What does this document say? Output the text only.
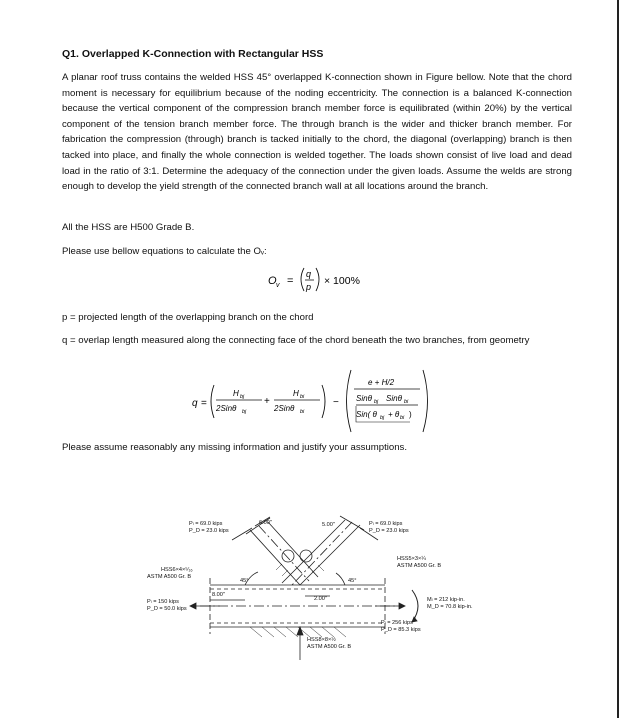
Q1. Overlapped K-Connection with Rectangular HSS
A planar roof truss contains the welded HSS 45° overlapped K-connection shown in Figure bellow. Note that the chord moment is necessary for equilibrium because of the noding eccentricity. The connection is a balanced K-connection because the vertical component of the compression branch member force is equilibrated (within 20%) by the vertical component of the tension branch member force. The through branch is the wider and thicker branch member. For fabrication the compression (through) branch is tacked initially to the chord, the diagonal (overlapping) branch is then tacked into place, and finally the whole connection is welded together. The loads shown consist of live load and dead load in the ratio of 3:1. Determine the adequacy of the connection under the given loads. Assume the welds are strong enough to develop the yield strength of the connected branch wall at all locations around the branch.
All the HSS are H500 Grade B.
Please use bellow equations to calculate the Oᵥ:
O v =
q
p × 100%
q =
H bj
2Sinθ bj
+
H bi
2Sinθ bi
−
e + H/2
Sinθ bj Sinθ bi
Sin( θ bj + θ bi )
Pₗ = 69.0 kips
P_D = 23.0 kips
6.00"	5.00"	Pₗ = 69.0 kips
P_D = 23.0 kips
HSS5×3×¼
ASTM A500 Gr. B
HSS6×4×⁵⁄₁₆
ASTM A500 Gr. B
45°	45°
8.00"
2.00"
Pₗ = 150 kips
P_D = 50.0 kips
Mₗ = 212 kip-in.
M_D = 70.8 kip-in.
Pₗ = 256 kips
P_D = 85.3 kips
HSS8×8×½
ASTM A500 Gr. B
p = projected length of the overlapping branch on the chord
q = overlap length measured along the connecting face of the chord beneath the two branches, from geometry
Please assume reasonably any missing information and justify your assumptions.
